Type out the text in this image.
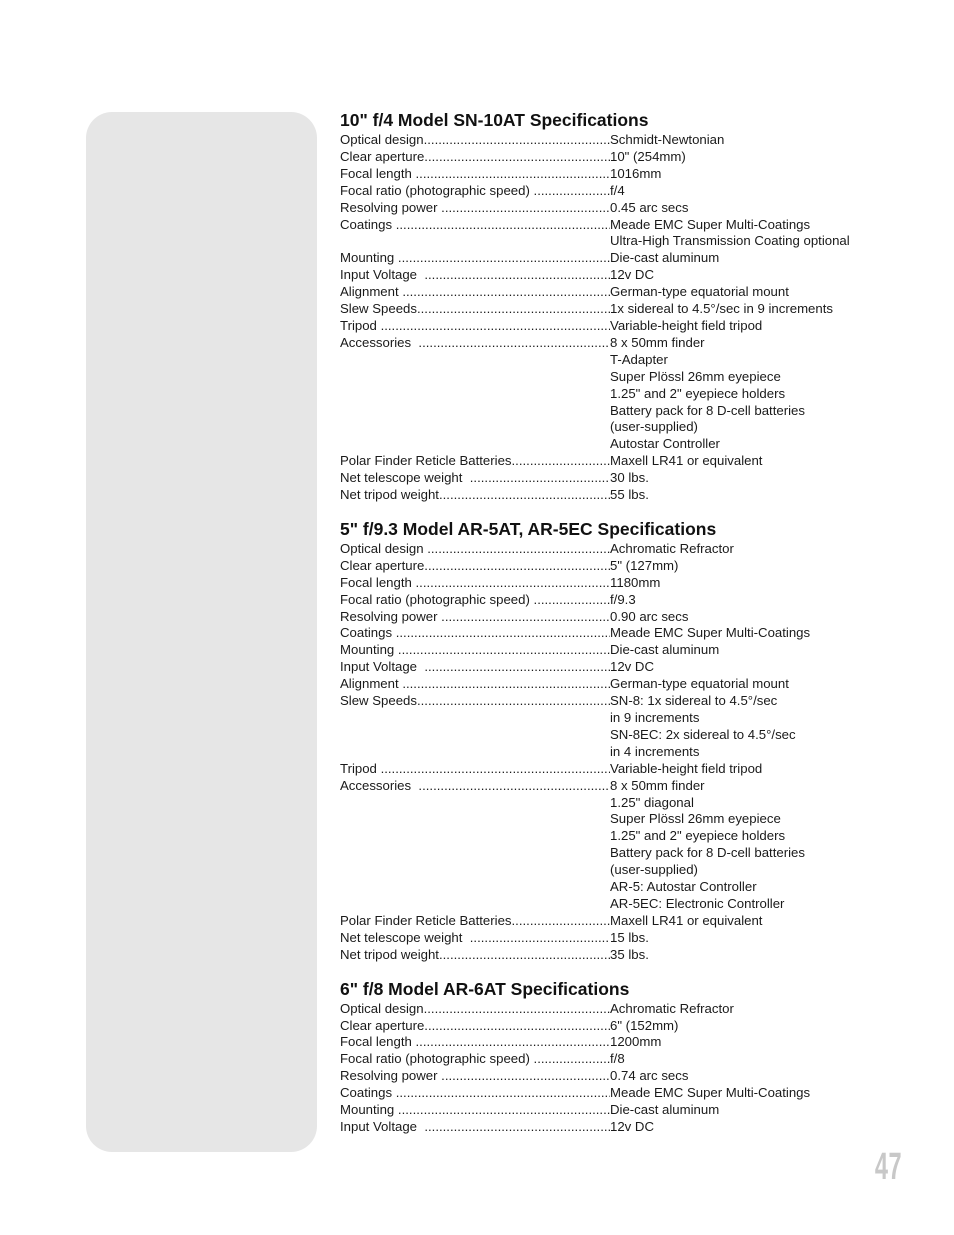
10" f/4 Model SN-10AT Specifications
Optical design .....	Schmidt-Newtonian
Clear aperture .....	10" (254mm)
Focal length .....	1016mm
Focal ratio (photographic speed) .....	f/4
Resolving power .....	0.45 arc secs
Coatings .....	Meade EMC Super Multi-Coatings
Ultra-High Transmission Coating optional
Mounting .....	Die-cast aluminum
Input Voltage .....	12v DC
Alignment .....	German-type equatorial mount
Slew Speeds .....	1x sidereal to 4.5°/sec in 9 increments
Tripod .....	Variable-height field tripod
Accessories .....	8 x 50mm finder
T-Adapter
Super Plössl 26mm eyepiece
1.25" and 2" eyepiece holders
Battery pack for 8 D-cell batteries
(user-supplied)
Autostar Controller
Polar Finder Reticle Batteries .....	Maxell LR41 or equivalent
Net telescope weight .....	30 lbs.
Net tripod weight .....	55 lbs.
5" f/9.3 Model AR-5AT, AR-5EC Specifications
Optical design .....	Achromatic Refractor
Clear aperture .....	5" (127mm)
Focal length .....	1180mm
Focal ratio (photographic speed) .....	f/9.3
Resolving power .....	0.90 arc secs
Coatings .....	Meade EMC Super Multi-Coatings
Mounting .....	Die-cast aluminum
Input Voltage .....	12v DC
Alignment .....	German-type equatorial mount
Slew Speeds .....	SN-8: 1x sidereal to 4.5°/sec
in 9 increments
SN-8EC: 2x sidereal to 4.5°/sec
in 4 increments
Tripod .....	Variable-height field tripod
Accessories .....	8 x 50mm finder
1.25" diagonal
Super Plössl 26mm eyepiece
1.25" and 2" eyepiece holders
Battery pack for 8 D-cell batteries
(user-supplied)
AR-5: Autostar Controller
AR-5EC: Electronic Controller
Polar Finder Reticle Batteries .....	Maxell LR41 or equivalent
Net telescope weight .....	15 lbs.
Net tripod weight .....	35 lbs.
6" f/8 Model AR-6AT Specifications
Optical design .....	Achromatic Refractor
Clear aperture .....	6" (152mm)
Focal length .....	1200mm
Focal ratio (photographic speed) .....	f/8
Resolving power .....	0.74 arc secs
Coatings .....	Meade EMC Super Multi-Coatings
Mounting .....	Die-cast aluminum
Input Voltage .....	12v DC
47
